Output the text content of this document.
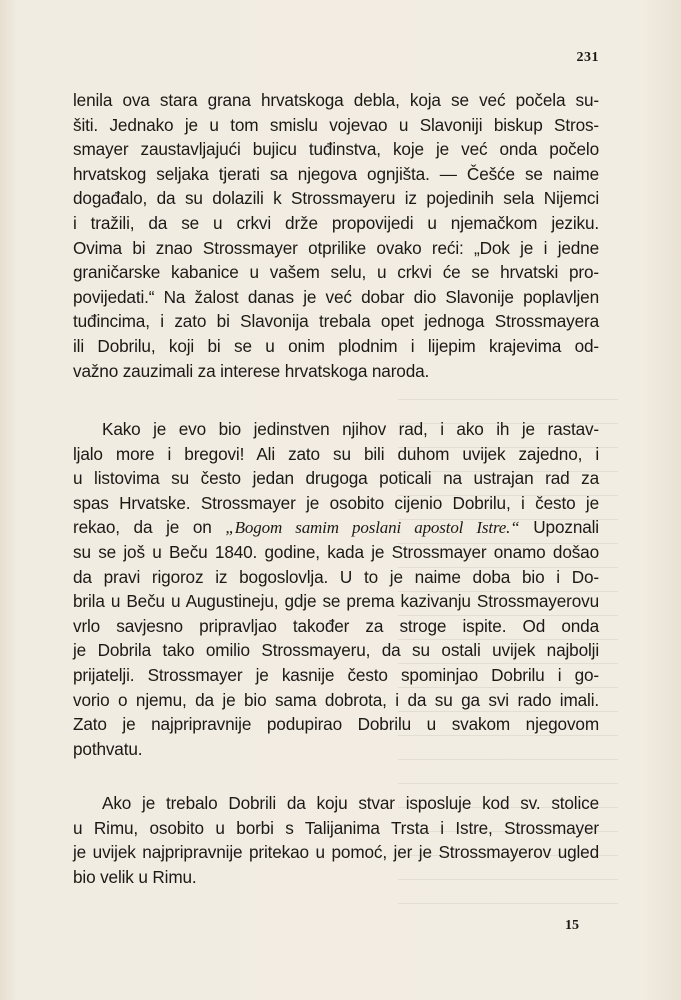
231
lenila ova stara grana hrvatskoga debla, koja se već počela su-
šiti. Jednako je u tom smislu vojevao u Slavoniji biskup Stros-
smayer zaustavljajući bujicu tuđinstva, koje je već onda počelo
hrvatskog seljaka tjerati sa njegova ognjišta. — Češće se naime
događalo, da su dolazili k Strossmayeru iz pojedinih sela Nijemci
i tražili, da se u crkvi drže propovijedi u njemačkom jeziku.
Ovima bi znao Strossmayer otprilike ovako reći: „Dok je i jedne
graničarske kabanice u vašem selu, u crkvi će se hrvatski pro-
povijedati.“ Na žalost danas je već dobar dio Slavonije poplavljen
tuđincima, i zato bi Slavonija trebala opet jednoga Strossmayera
ili Dobrilu, koji bi se u onim plodnim i lijepim krajevima od-
važno zauzimali za interese hrvatskoga naroda.
Kako je evo bio jedinstven njihov rad, i ako ih je rastav-
ljalo more i bregovi! Ali zato su bili duhom uvijek zajedno, i
u listovima su često jedan drugoga poticali na ustrajan rad za
spas Hrvatske. Strossmayer je osobito cijenio Dobrilu, i često je
rekao, da je on „Bogom samim poslani apostol Istre.“ Upoznali
su se još u Beču 1840. godine, kada je Strossmayer onamo došao
da pravi rigoroz iz bogoslovlja. U to je naime doba bio i Do-
brila u Beču u Augustineju, gdje se prema kazivanju Strossmayerovu
vrlo savjesno pripravljao također za stroge ispite. Od onda
je Dobrila tako omilio Strossmayeru, da su ostali uvijek najbolji
prijatelji. Strossmayer je kasnije često spominjao Dobrilu i go-
vorio o njemu, da je bio sama dobrota, i da su ga svi rado imali.
Zato je najpripravnije podupirao Dobrilu u svakom njegovom
pothvatu.
Ako je trebalo Dobrili da koju stvar isposluje kod sv. stolice
u Rimu, osobito u borbi s Talijanima Trsta i Istre, Strossmayer
je uvijek najpripravnije pritekao u pomoć, jer je Strossmayerov ugled
bio velik u Rimu.
15
